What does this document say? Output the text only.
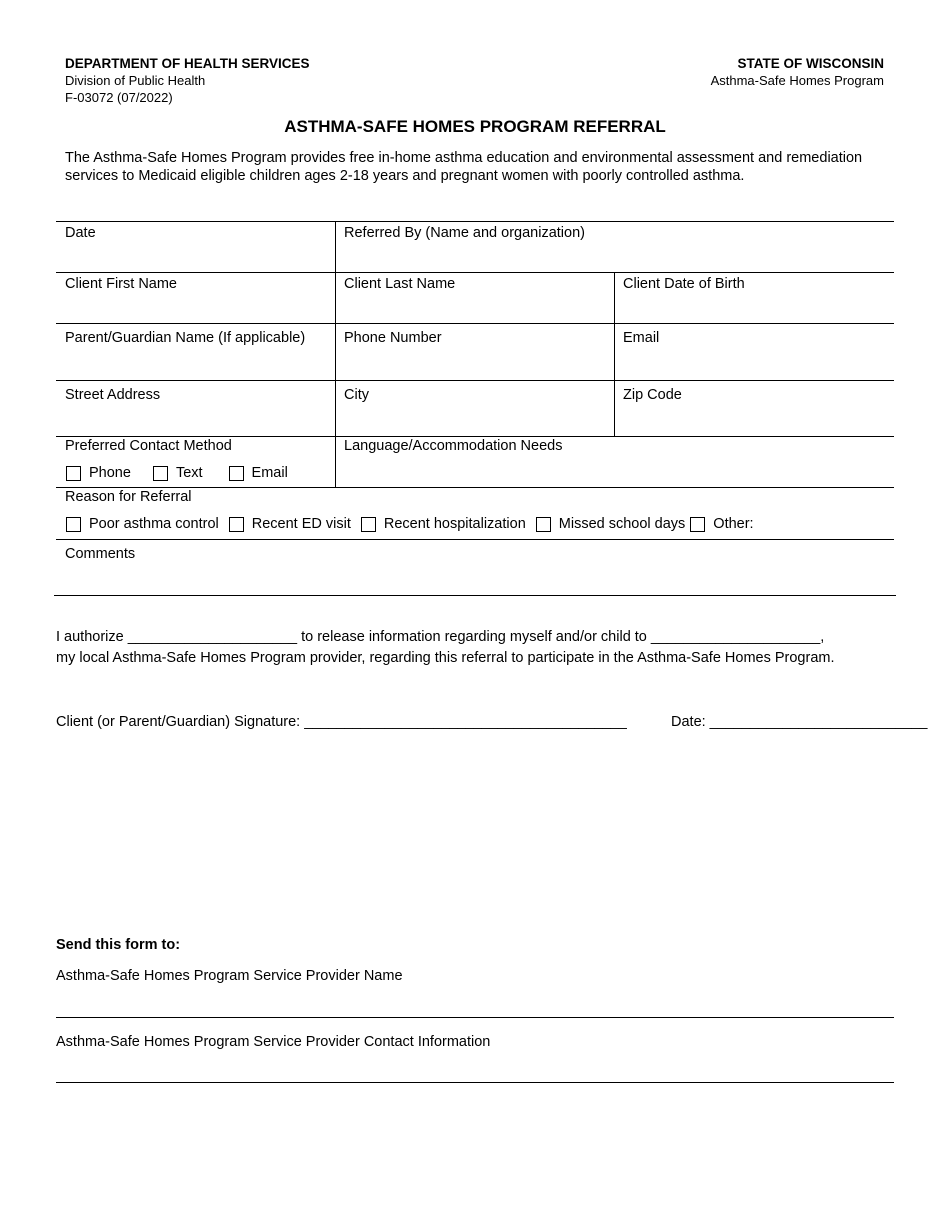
DEPARTMENT OF HEALTH SERVICES
Division of Public Health
F-03072 (07/2022)
STATE OF WISCONSIN
Asthma-Safe Homes Program
ASTHMA-SAFE HOMES PROGRAM REFERRAL
The Asthma-Safe Homes Program provides free in-home asthma education and environmental assessment and remediation services to Medicaid eligible children ages 2-18 years and pregnant women with poorly controlled asthma.
Date	Referred By (Name and organization)
Client First Name	Client Last Name	Client Date of Birth
Parent/Guardian Name (If applicable)	Phone Number	Email
Street Address	City	Zip Code
Preferred Contact Method
Phone	Text	Email
Language/Accommodation Needs
Reason for Referral
Poor asthma control Recent ED visit Recent hospitalization Missed school days Other:
Comments
I authorize _____________________ to release information regarding myself and/or child to _____________________,
my local Asthma-Safe Homes Program provider, regarding this referral to participate in the Asthma-Safe Homes Program.
Client (or Parent/Guardian) Signature: ________________________________________	Date: ___________________________
Send this form to:
Asthma-Safe Homes Program Service Provider Name
Asthma-Safe Homes Program Service Provider Contact Information
